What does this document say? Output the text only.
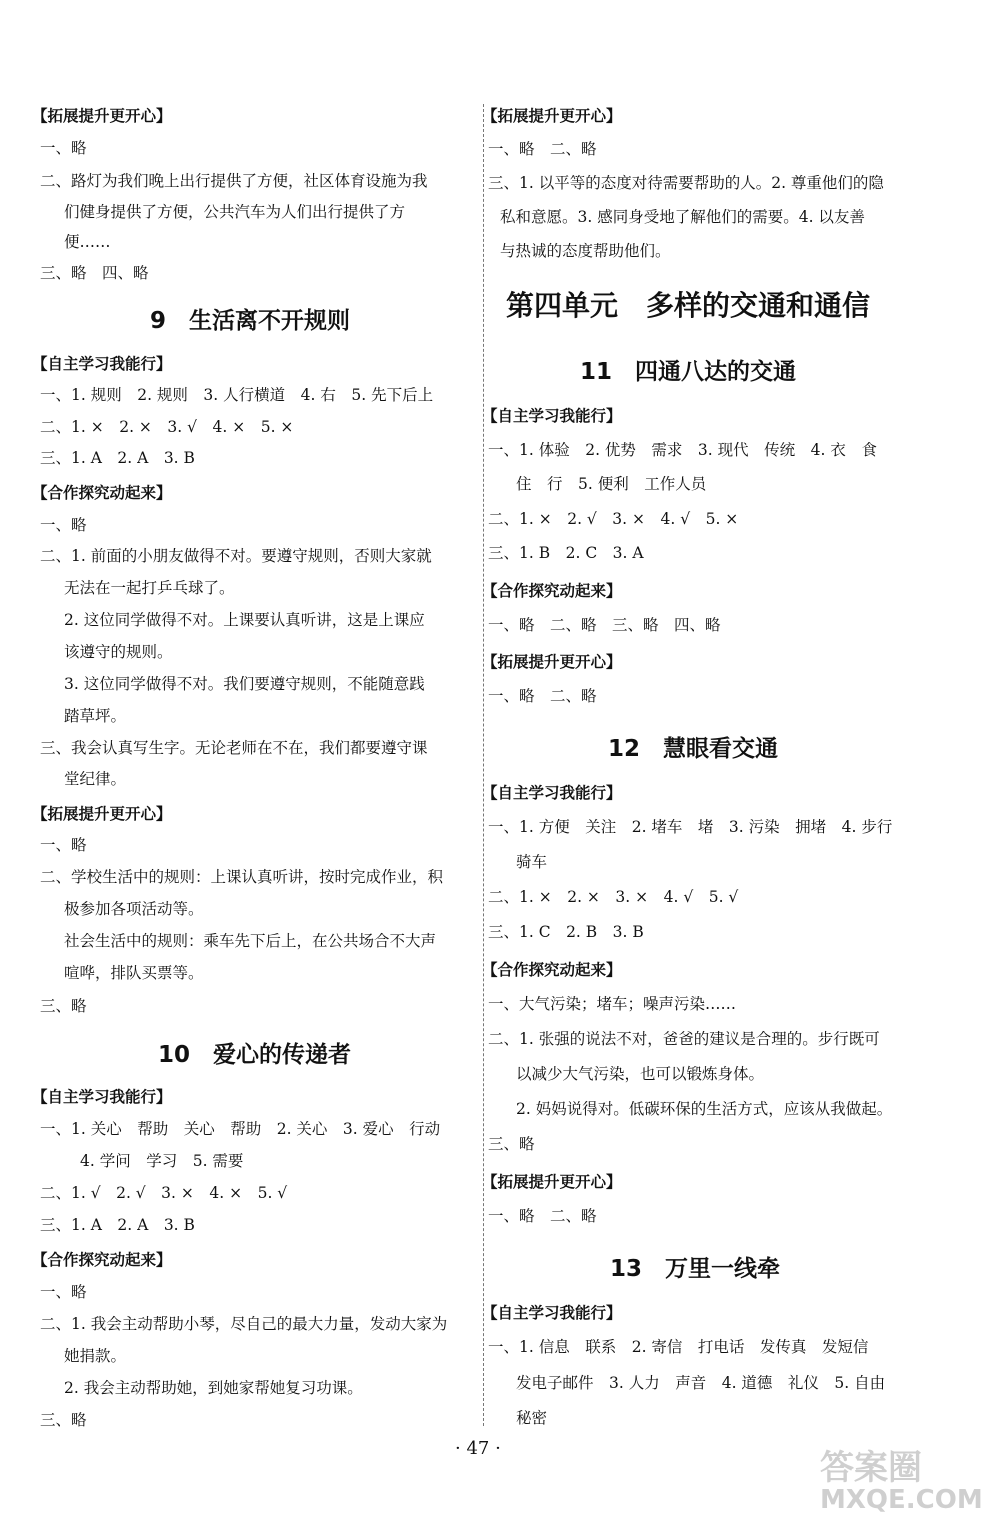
【拓展提升更开心】
一、略
二、路灯为我们晚上出行提供了方便，社区体育设施为我
们健身提供了方便，公共汽车为人们出行提供了方
便……
三、略　四、略
9　生活离不开规则
【自主学习我能行】
一、1. 规则　2. 规则　3. 人行横道　4. 右　5. 先下后上
二、1. ×　2. ×　3. √　4. ×　5. ×
三、1. A　2. A　3. B
【合作探究动起来】
一、略
二、1. 前面的小朋友做得不对。要遵守规则，否则大家就
无法在一起打乒乓球了。
2. 这位同学做得不对。上课要认真听讲，这是上课应
该遵守的规则。
3. 这位同学做得不对。我们要遵守规则，不能随意践
踏草坪。
三、我会认真写生字。无论老师在不在，我们都要遵守课
堂纪律。
【拓展提升更开心】
一、略
二、学校生活中的规则：上课认真听讲，按时完成作业，积
极参加各项活动等。
社会生活中的规则：乘车先下后上，在公共场合不大声
喧哗，排队买票等。
三、略
10　爱心的传递者
【自主学习我能行】
一、1. 关心　帮助　关心　帮助　2. 关心　3. 爱心　行动
4. 学问　学习　5. 需要
二、1. √　2. √　3. ×　4. ×　5. √
三、1. A　2. A　3. B
【合作探究动起来】
一、略
二、1. 我会主动帮助小琴，尽自己的最大力量，发动大家为
她捐款。
2. 我会主动帮助她，到她家帮她复习功课。
三、略
【拓展提升更开心】
一、略　二、略
三、1. 以平等的态度对待需要帮助的人。2. 尊重他们的隐
私和意愿。3. 感同身受地了解他们的需要。4. 以友善
与热诚的态度帮助他们。
第四单元　多样的交通和通信
11　四通八达的交通
【自主学习我能行】
一、1. 体验　2. 优势　需求　3. 现代　传统　4. 衣　食
住　行　5. 便利　工作人员
二、1. ×　2. √　3. ×　4. √　5. ×
三、1. B　2. C　3. A
【合作探究动起来】
一、略　二、略　三、略　四、略
【拓展提升更开心】
一、略　二、略
12　慧眼看交通
【自主学习我能行】
一、1. 方便　关注　2. 堵车　堵　3. 污染　拥堵　4. 步行
骑车
二、1. ×　2. ×　3. ×　4. √　5. √
三、1. C　2. B　3. B
【合作探究动起来】
一、大气污染；堵车；噪声污染……
二、1. 张强的说法不对，爸爸的建议是合理的。步行既可
以减少大气污染，也可以锻炼身体。
2. 妈妈说得对。低碳环保的生活方式，应该从我做起。
三、略
【拓展提升更开心】
一、略　二、略
13　万里一线牵
【自主学习我能行】
一、1. 信息　联系　2. 寄信　打电话　发传真　发短信
发电子邮件　3. 人力　声音　4. 道德　礼仪　5. 自由
秘密
· 47 ·	答案圈
MXQE.COM
